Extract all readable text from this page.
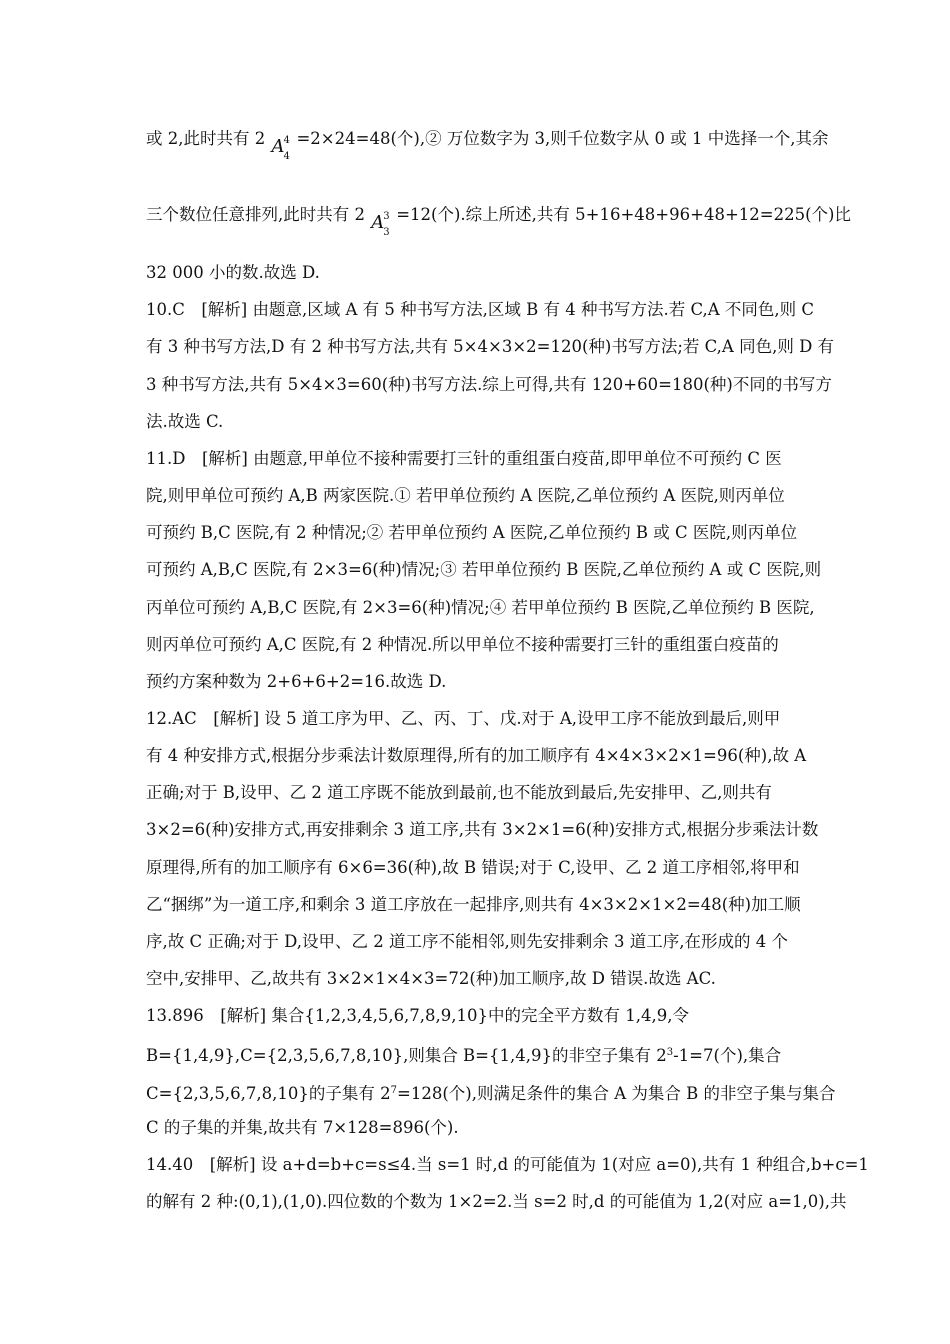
或 2,此时共有 2 A 4
4
=2×24=48(个),② 万位数字为 3,则千位数字从 0 或 1 中选择一个,其余
三个数位任意排列,此时共有 2 A 3
3
=12(个).综上所述,共有 5+16+48+96+48+12=225(个)比
32 000 小的数.故选 D.
10.C　[解析] 由题意,区域 A 有 5 种书写方法,区域 B 有 4 种书写方法.若 C,A 不同色,则 C
有 3 种书写方法,D 有 2 种书写方法,共有 5×4×3×2=120(种)书写方法;若 C,A 同色,则 D 有
3 种书写方法,共有 5×4×3=60(种)书写方法.综上可得,共有 120+60=180(种)不同的书写方
法.故选 C.
11.D　[解析] 由题意,甲单位不接种需要打三针的重组蛋白疫苗,即甲单位不可预约 C 医
院,则甲单位可预约 A,B 两家医院.① 若甲单位预约 A 医院,乙单位预约 A 医院,则丙单位
可预约 B,C 医院,有 2 种情况;② 若甲单位预约 A 医院,乙单位预约 B 或 C 医院,则丙单位
可预约 A,B,C 医院,有 2×3=6(种)情况;③ 若甲单位预约 B 医院,乙单位预约 A 或 C 医院,则
丙单位可预约 A,B,C 医院,有 2×3=6(种)情况;④ 若甲单位预约 B 医院,乙单位预约 B 医院,
则丙单位可预约 A,C 医院,有 2 种情况.所以甲单位不接种需要打三针的重组蛋白疫苗的
预约方案种数为 2+6+6+2=16.故选 D.
12.AC　[解析] 设 5 道工序为甲、乙、丙、丁、戊.对于 A,设甲工序不能放到最后,则甲
有 4 种安排方式,根据分步乘法计数原理得,所有的加工顺序有 4×4×3×2×1=96(种),故 A
正确;对于 B,设甲、乙 2 道工序既不能放到最前,也不能放到最后,先安排甲、乙,则共有
3×2=6(种)安排方式,再安排剩余 3 道工序,共有 3×2×1=6(种)安排方式,根据分步乘法计数
原理得,所有的加工顺序有 6×6=36(种),故 B 错误;对于 C,设甲、乙 2 道工序相邻,将甲和
乙“捆绑”为一道工序,和剩余 3 道工序放在一起排序,则共有 4×3×2×1×2=48(种)加工顺
序,故 C 正确;对于 D,设甲、乙 2 道工序不能相邻,则先安排剩余 3 道工序,在形成的 4 个
空中,安排甲、乙,故共有 3×2×1×4×3=72(种)加工顺序,故 D 错误.故选 AC.
13.896　[解析] 集合{1,2,3,4,5,6,7,8,9,10}中的完全平方数有 1,4,9,令
B={1,4,9},C={2,3,5,6,7,8,10},则集合 B={1,4,9}的非空子集有 $2^3-1=7$(个),集合
C={2,3,5,6,7,8,10}的子集有 $2^7=128$(个),则满足条件的集合 A 为集合 B 的非空子集与集合
C 的子集的并集,故共有 7×128=896(个).
14.40　[解析] 设 a+d=b+c=s≤4.当 s=1 时,d 的可能值为 1(对应 a=0),共有 1 种组合,b+c=1
的解有 2 种:(0,1),(1,0).四位数的个数为 1×2=2.当 s=2 时,d 的可能值为 1,2(对应 a=1,0),共
